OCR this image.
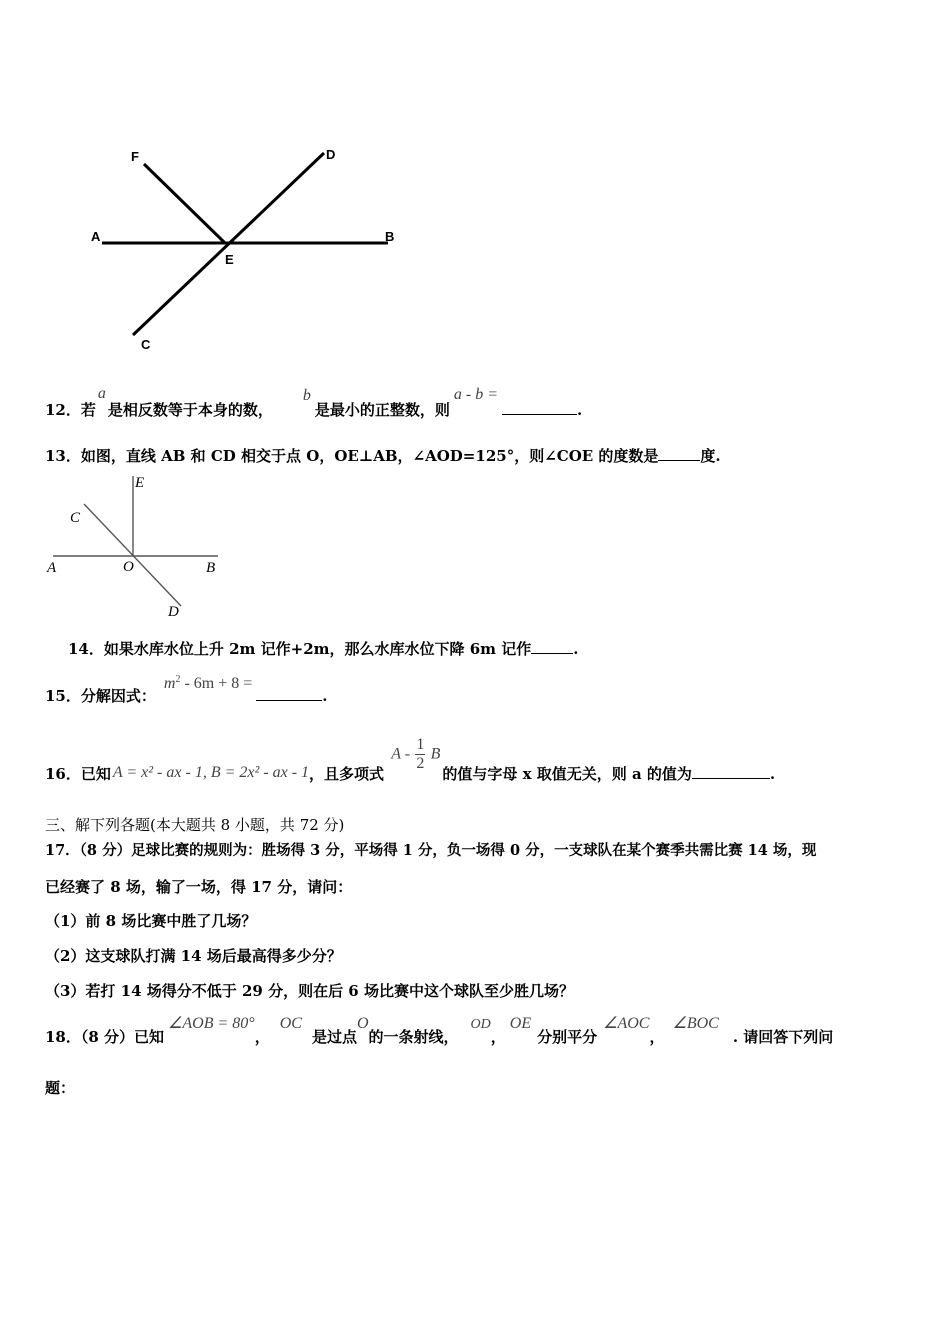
F	D
A	B
E
C
12．若a是相反数等于本身的数，b是最小的正整数，则a - b =.
13．如图，直线 AB 和 CD 相交于点 O，OE⊥AB，∠AOD=125°，则∠COE 的度数是	度.
E
C
A	O	B
D
14．如果水库水位上升 2m 记作+2m，那么水库水位下降 6m 记作	.
15．分解因式：$m^2 - 6m + 8$ =.
16．已知 A = x² - ax - 1, B = 2x² - ax - 1，且多项式 A - $\frac{1}{2}$ B的值与字母 x 取值无关，则 a 的值为	.
三、解下列各题(本大题共 8 小题，共 72 分)
17．（8 分）足球比赛的规则为：胜场得 3 分，平场得 1 分，负一场得 0 分，一支球队在某个赛季共需比赛 14 场，现
已经赛了 8 场，输了一场，得 17 分，请问：
（1）前 8 场比赛中胜了几场？
（2）这支球队打满 14 场后最高得多少分？
（3）若打 14 场得分不低于 29 分，则在后 6 场比赛中这个球队至少胜几场？
18．（8 分）已知∠AOB = 80°，OC是过点O的一条射线，OD，OE分别平分∠AOC，∠BOC. 请回答下列问
题：
